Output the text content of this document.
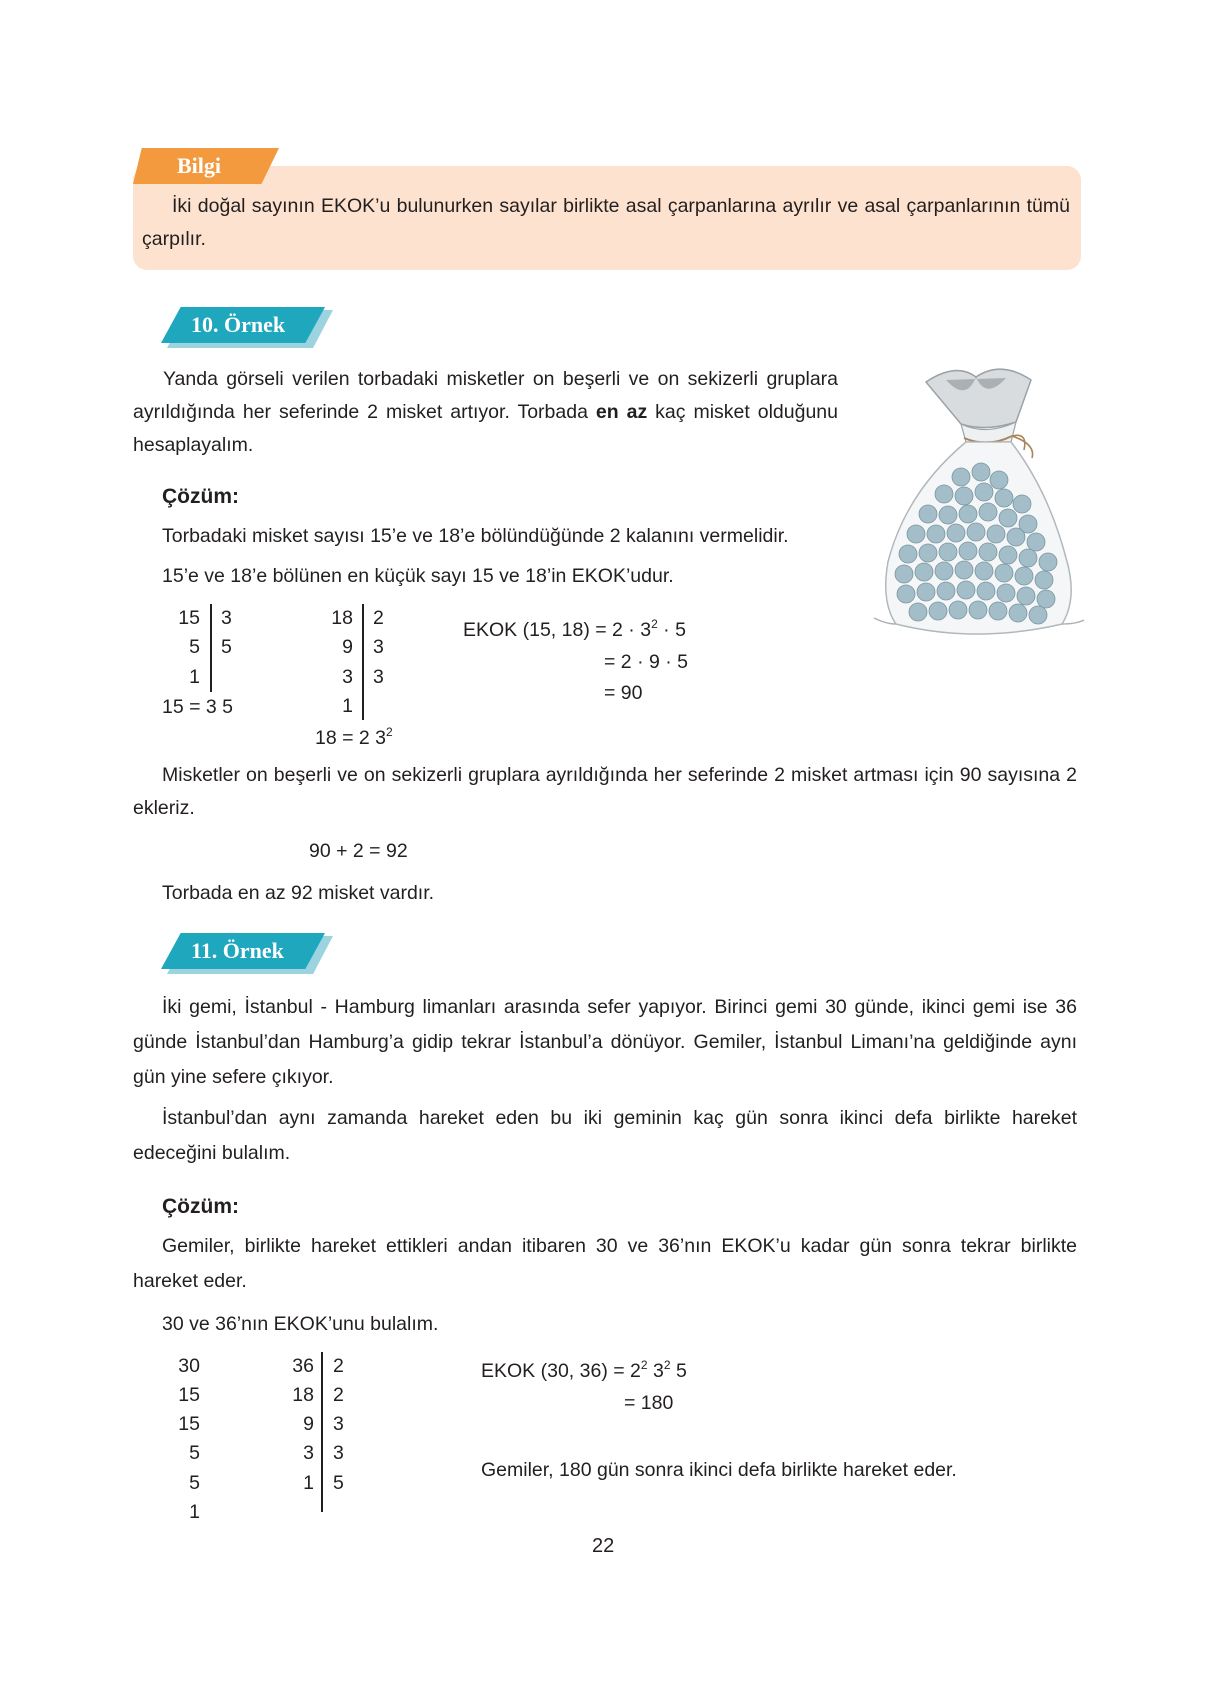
Bilgi
İki doğal sayının EKOK’u bulunurken sayılar birlikte asal çarpanlarına ayrılır ve asal çarpanlarının tümü çarpılır.
10. Örnek
Yanda görseli verilen torbadaki misketler on beşerli ve on sekizerli gruplara ayrıldığında her seferinde 2 misket artıyor. Torbada en az kaç misket olduğunu hesaplayalım.
Çözüm:
Torbadaki misket sayısı 15’e ve 18’e bölündüğünde 2 kalanını vermelidir.
15’e ve 18’e bölünen en küçük sayı 15 ve 18’in EKOK’udur.
15
5
1
3
5
15 = 3 5
18
9
3
1
2
3
3
18 = 2 $3^2$
EKOK (15, $18) = 2 \cdot 3^2 \cdot 5$
= 2 · 9 · 5
= 90
Misketler on beşerli ve on sekizerli gruplara ayrıldığında her seferinde 2 misket artması için 90 sayısına 2 ekleriz.
90 + 2 = 92
Torbada en az 92 misket vardır.
11. Örnek
İki gemi, İstanbul - Hamburg limanları arasında sefer yapıyor. Birinci gemi 30 günde, ikinci gemi ise 36 günde İstanbul’dan Hamburg’a gidip tekrar İstanbul’a dönüyor. Gemiler, İstanbul Limanı’na geldiğinde aynı gün yine sefere çıkıyor.
İstanbul’dan aynı zamanda hareket eden bu iki geminin kaç gün sonra ikinci defa birlikte hareket edeceğini bulalım.
Çözüm:
Gemiler, birlikte hareket ettikleri andan itibaren 30 ve 36’nın EKOK’u kadar gün sonra tekrar birlikte hareket eder.
30 ve 36’nın EKOK’unu bulalım.
30
15
15
5
5
1
36
18
9
3
1
2
2
3
3
5
EKOK (30, $36) = 2^2$ $3^2$ 5
= 180
Gemiler, 180 gün sonra ikinci defa birlikte hareket eder.
22
